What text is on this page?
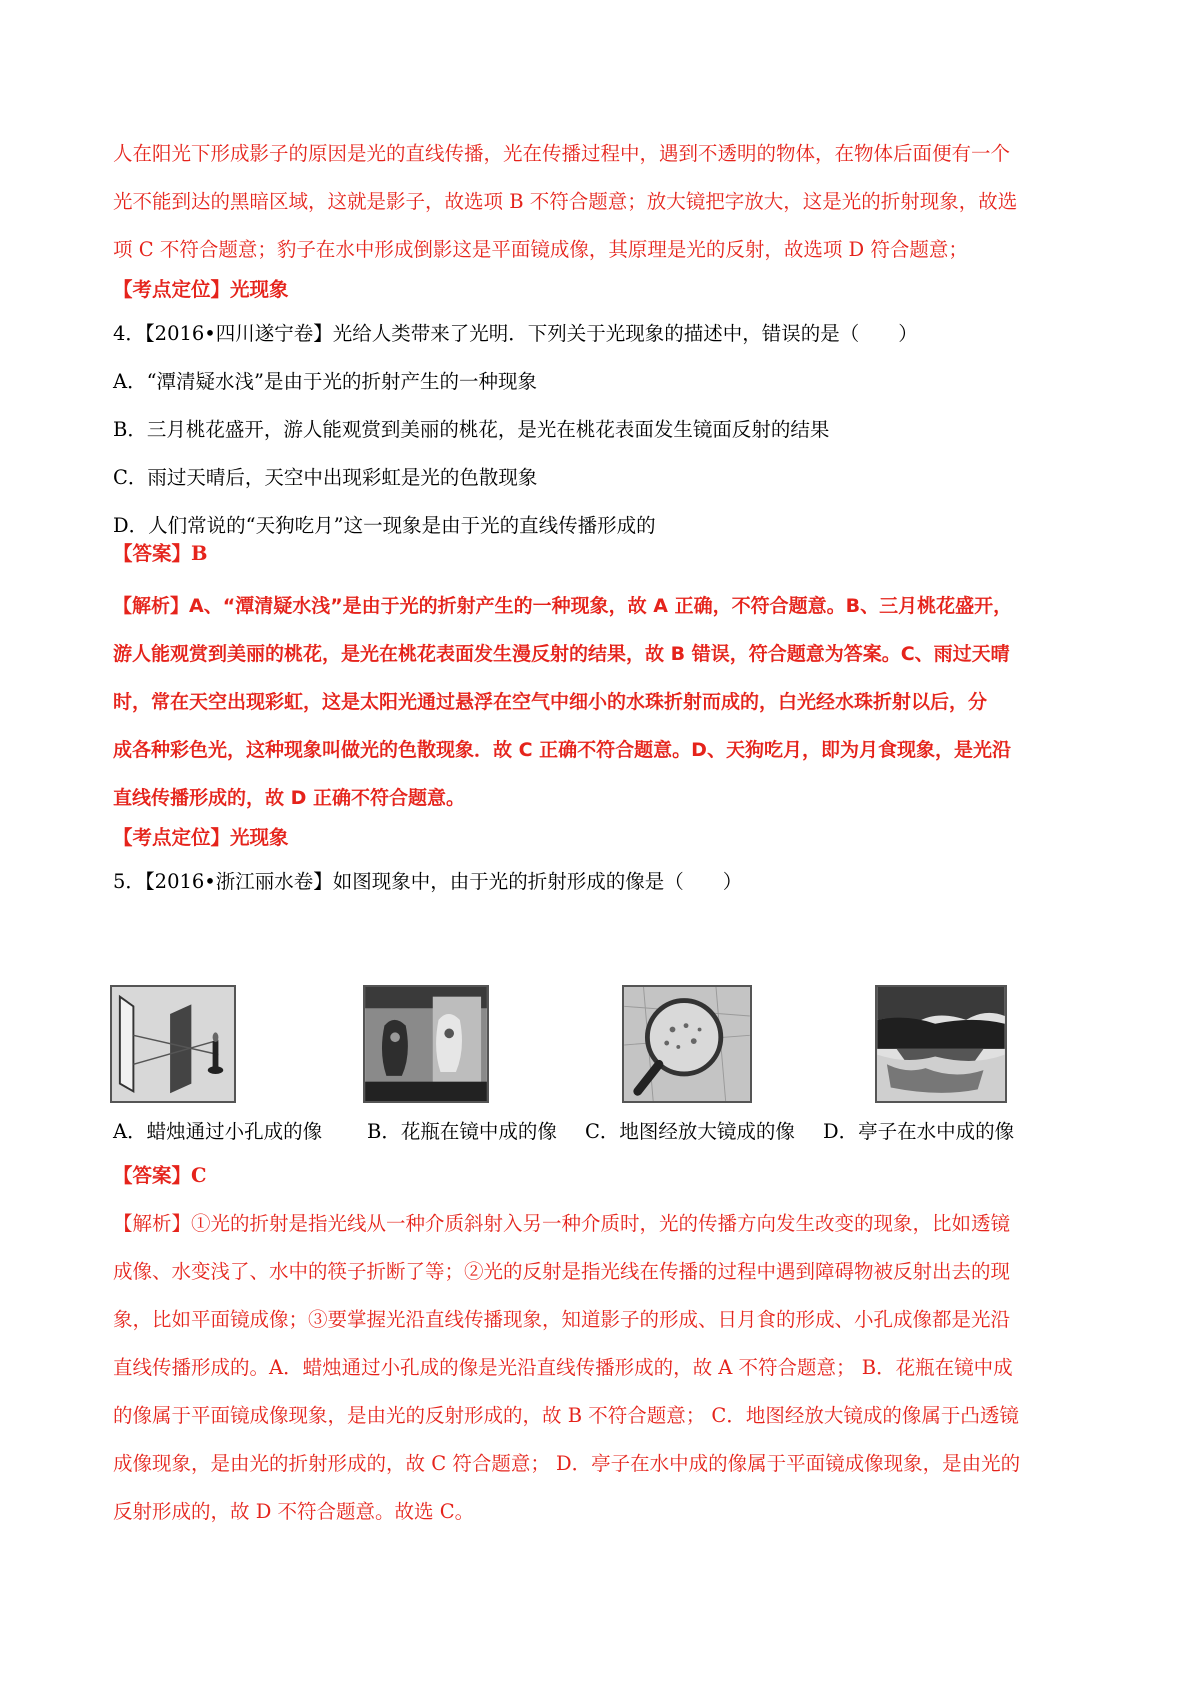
人在阳光下形成影子的原因是光的直线传播，光在传播过程中，遇到不透明的物体，在物体后面便有一个
光不能到达的黑暗区域，这就是影子，故选项 B 不符合题意；放大镜把字放大，这是光的折射现象，故选
项 C 不符合题意；豹子在水中形成倒影这是平面镜成像，其原理是光的反射，故选项 D 符合题意；
【考点定位】光现象
4．【2016•四川遂宁卷】光给人类带来了光明．下列关于光现象的描述中，错误的是（　　）
A．“潭清疑水浅”是由于光的折射产生的一种现象
B．三月桃花盛开，游人能观赏到美丽的桃花，是光在桃花表面发生镜面反射的结果
C．雨过天晴后，天空中出现彩虹是光的色散现象
D．人们常说的“天狗吃月”这一现象是由于光的直线传播形成的
【答案】B
【解析】A、“潭清疑水浅”是由于光的折射产生的一种现象，故 A 正确，不符合题意。B、三月桃花盛开，
游人能观赏到美丽的桃花，是光在桃花表面发生漫反射的结果，故 B 错误，符合题意为答案。C、雨过天晴
时，常在天空出现彩虹，这是太阳光通过悬浮在空气中细小的水珠折射而成的，白光经水珠折射以后，分
成各种彩色光，这种现象叫做光的色散现象．故 C 正确不符合题意。D、天狗吃月，即为月食现象，是光沿
直线传播形成的，故 D 正确不符合题意。
【考点定位】光现象
5．【2016•浙江丽水卷】如图现象中，由于光的折射形成的像是（　　）
A．蜡烛通过小孔成的像 B．花瓶在镜中成的像 C．地图经放大镜成的像 D．亭子在水中成的像
【答案】C
【解析】①光的折射是指光线从一种介质斜射入另一种介质时，光的传播方向发生改变的现象，比如透镜
成像、水变浅了、水中的筷子折断了等；②光的反射是指光线在传播的过程中遇到障碍物被反射出去的现
象，比如平面镜成像；③要掌握光沿直线传播现象，知道影子的形成、日月食的形成、小孔成像都是光沿
直线传播形成的。A．蜡烛通过小孔成的像是光沿直线传播形成的，故 A 不符合题意； B．花瓶在镜中成
的像属于平面镜成像现象，是由光的反射形成的，故 B 不符合题意； C．地图经放大镜成的像属于凸透镜
成像现象，是由光的折射形成的，故 C 符合题意； D．亭子在水中成的像属于平面镜成像现象，是由光的
反射形成的，故 D 不符合题意。故选 C。
